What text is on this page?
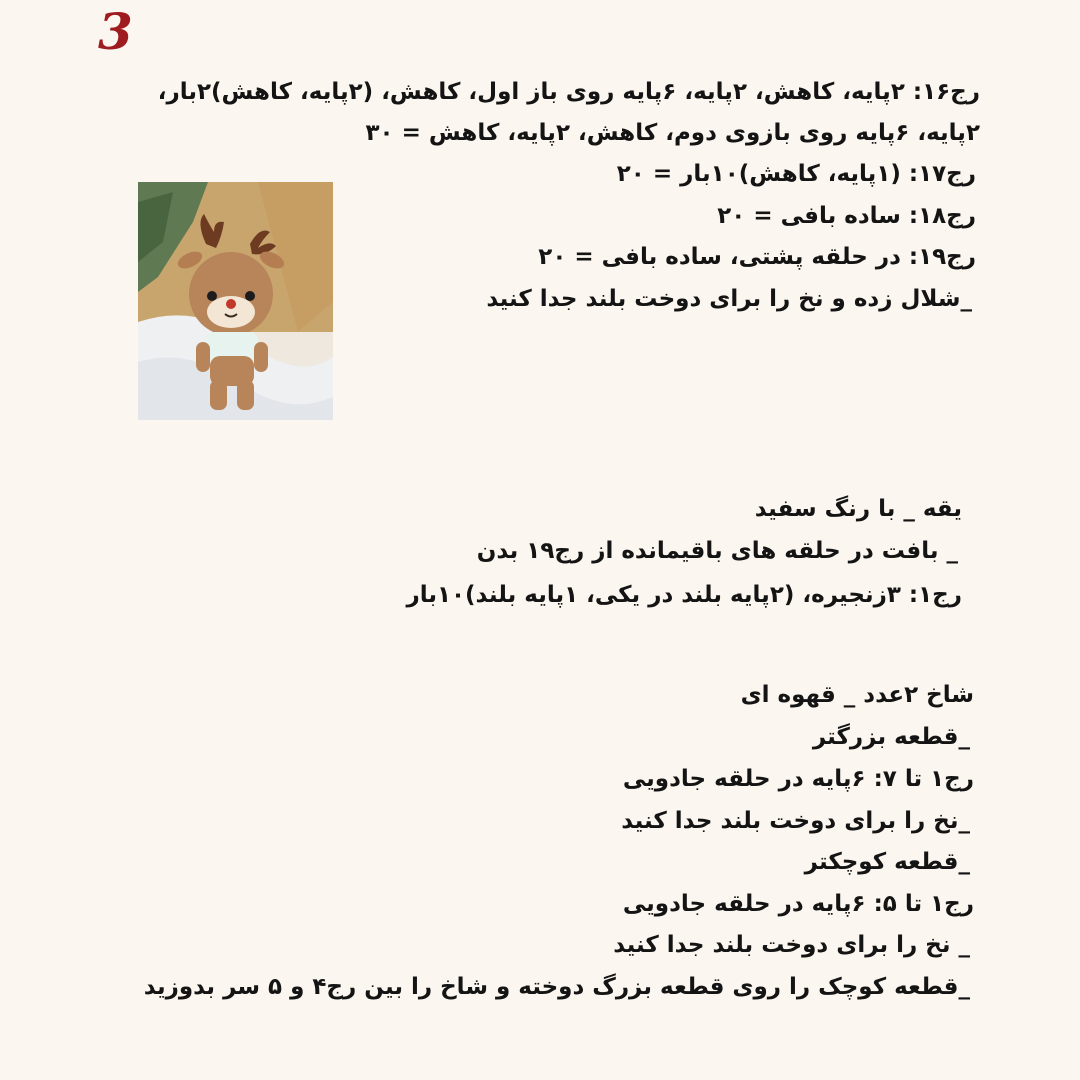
3
رج۱۶: ۲پایه، کاهش، ۲پایه، ۶پایه روی باز اول، کاهش، (۲پایه، کاهش)۲بار،
۲پایه، ۶پایه روی بازوی دوم، کاهش، ۲پایه، کاهش = ۳۰
رج۱۷: (۱پایه، کاهش)۱۰بار = ۲۰
رج۱۸: ساده بافی = ۲۰
رج۱۹: در حلقه پشتی، ساده بافی = ۲۰
_شلال زده و نخ را برای دوخت بلند جدا کنید
یقه _ با رنگ سفید
_ بافت در حلقه های باقیمانده از رج۱۹ بدن
رج۱: ۳زنجیره، (۲پایه بلند در یکی، ۱پایه بلند)۱۰بار
شاخ ۲عدد _ قهوه ای
_قطعه بزرگتر
رج۱ تا ۷: ۶پایه در حلقه جادویی
_نخ را برای دوخت بلند جدا کنید
_قطعه کوچکتر
رج۱ تا ۵: ۶پایه در حلقه جادویی
_ نخ را برای دوخت بلند جدا کنید
_قطعه کوچک را روی قطعه بزرگ دوخته و شاخ را بین رج۴ و ۵ سر بدوزید
